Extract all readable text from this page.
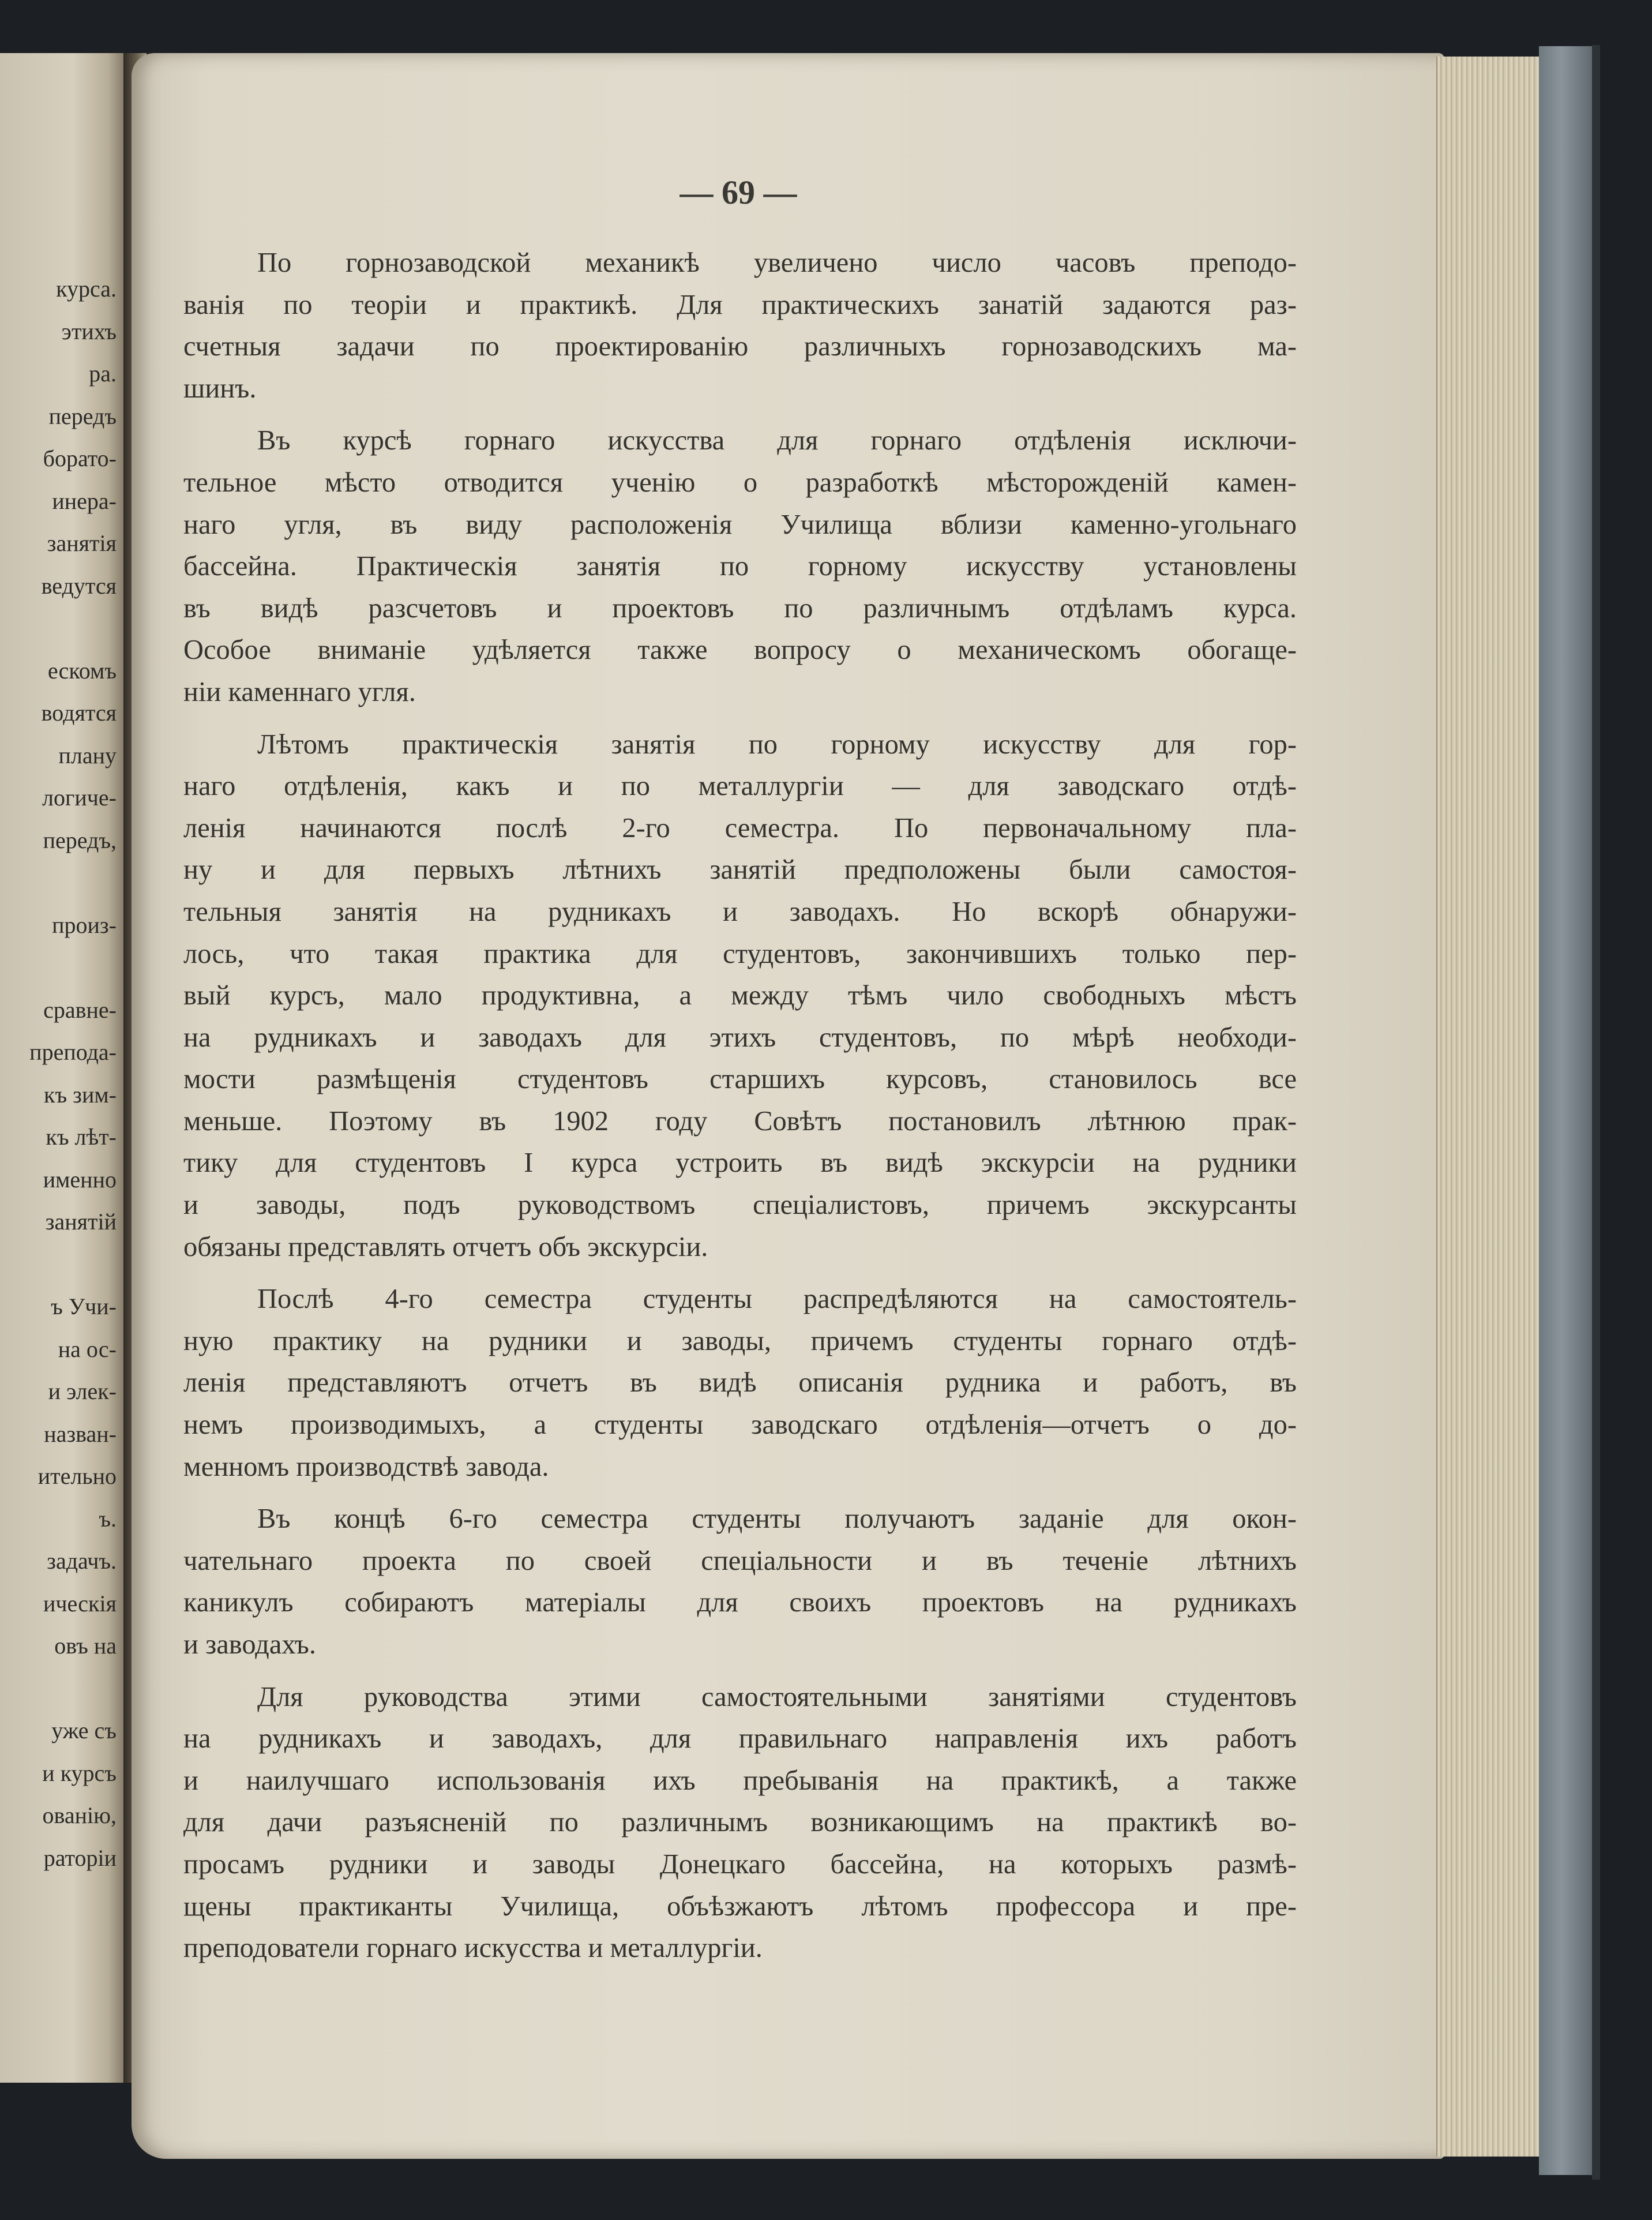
курса.
этихъ
ра.
передъ
борато-
инера-
занятія
ведутся
ескомъ
водятся
плану
логиче-
передъ,
произ-
сравне-
препода-
къ зим-
къ лѣт-
именно
занятій
ъ Учи-
на ос-
и элек-
назван-
ительно
ъ.
задачъ.
ическія
овъ на
уже съ
и курсъ
ованію,
раторіи
— 69 —

По горнозаводской механикѣ увеличено число часовъ преподо-
ванія по теоріи и практикѣ. Для практическихъ занатій задаются раз-
счетныя задачи по проектированію различныхъ горнозаводскихъ ма-
шинъ.

Въ курсѣ горнаго искусства для горнаго отдѣленія исключи-
тельное мѣсто отводится ученію о разработкѣ мѣсторожденій камен-
наго угля, въ виду расположенія Училища вблизи каменно-угольнаго
бассейна. Практическія занятія по горному искусству установлены
въ видѣ разсчетовъ и проектовъ по различнымъ отдѣламъ курса.
Особое вниманіе удѣляется также вопросу о механическомъ обогаще-
ніи каменнаго угля.

Лѣтомъ практическія занятія по горному искусству для гор-
наго отдѣленія, какъ и по металлургіи — для заводскаго отдѣ-
ленія начинаются послѣ 2-го семестра. По первоначальному пла-
ну и для первыхъ лѣтнихъ занятій предположены были самостоя-
тельныя занятія на рудникахъ и заводахъ. Но вскорѣ обнаружи-
лось, что такая практика для студентовъ, закончившихъ только пер-
вый курсъ, мало продуктивна, а между тѣмъ чило свободныхъ мѣстъ
на рудникахъ и заводахъ для этихъ студентовъ, по мѣрѣ необходи-
мости размѣщенія студентовъ старшихъ курсовъ, становилось все
меньше. Поэтому въ 1902 году Совѣтъ постановилъ лѣтнюю прак-
тику для студентовъ I курса устроить въ видѣ экскурсіи на рудники
и заводы, подъ руководствомъ спеціалистовъ, причемъ экскурсанты
обязаны представлять отчетъ объ экскурсіи.

Послѣ 4-го семестра студенты распредѣляются на самостоятель-
ную практику на рудники и заводы, причемъ студенты горнаго отдѣ-
ленія представляютъ отчетъ въ видѣ описанія рудника и работъ, въ
немъ производимыхъ, а студенты заводскаго отдѣленія—отчетъ о до-
менномъ производствѣ завода.

Въ концѣ 6-го семестра студенты получаютъ заданіе для окон-
чательнаго проекта по своей спеціальности и въ теченіе лѣтнихъ
каникулъ собираютъ матеріалы для своихъ проектовъ на рудникахъ
и заводахъ.

Для руководства этими самостоятельными занятіями студентовъ
на рудникахъ и заводахъ, для правильнаго направленія ихъ работъ
и наилучшаго использованія ихъ пребыванія на практикѣ, а также
для дачи разъясненій по различнымъ возникающимъ на практикѣ во-
просамъ рудники и заводы Донецкаго бассейна, на которыхъ размѣ-
щены практиканты Училища, объѣзжаютъ лѣтомъ профессора и пре-
преподователи горнаго искусства и металлургіи.
